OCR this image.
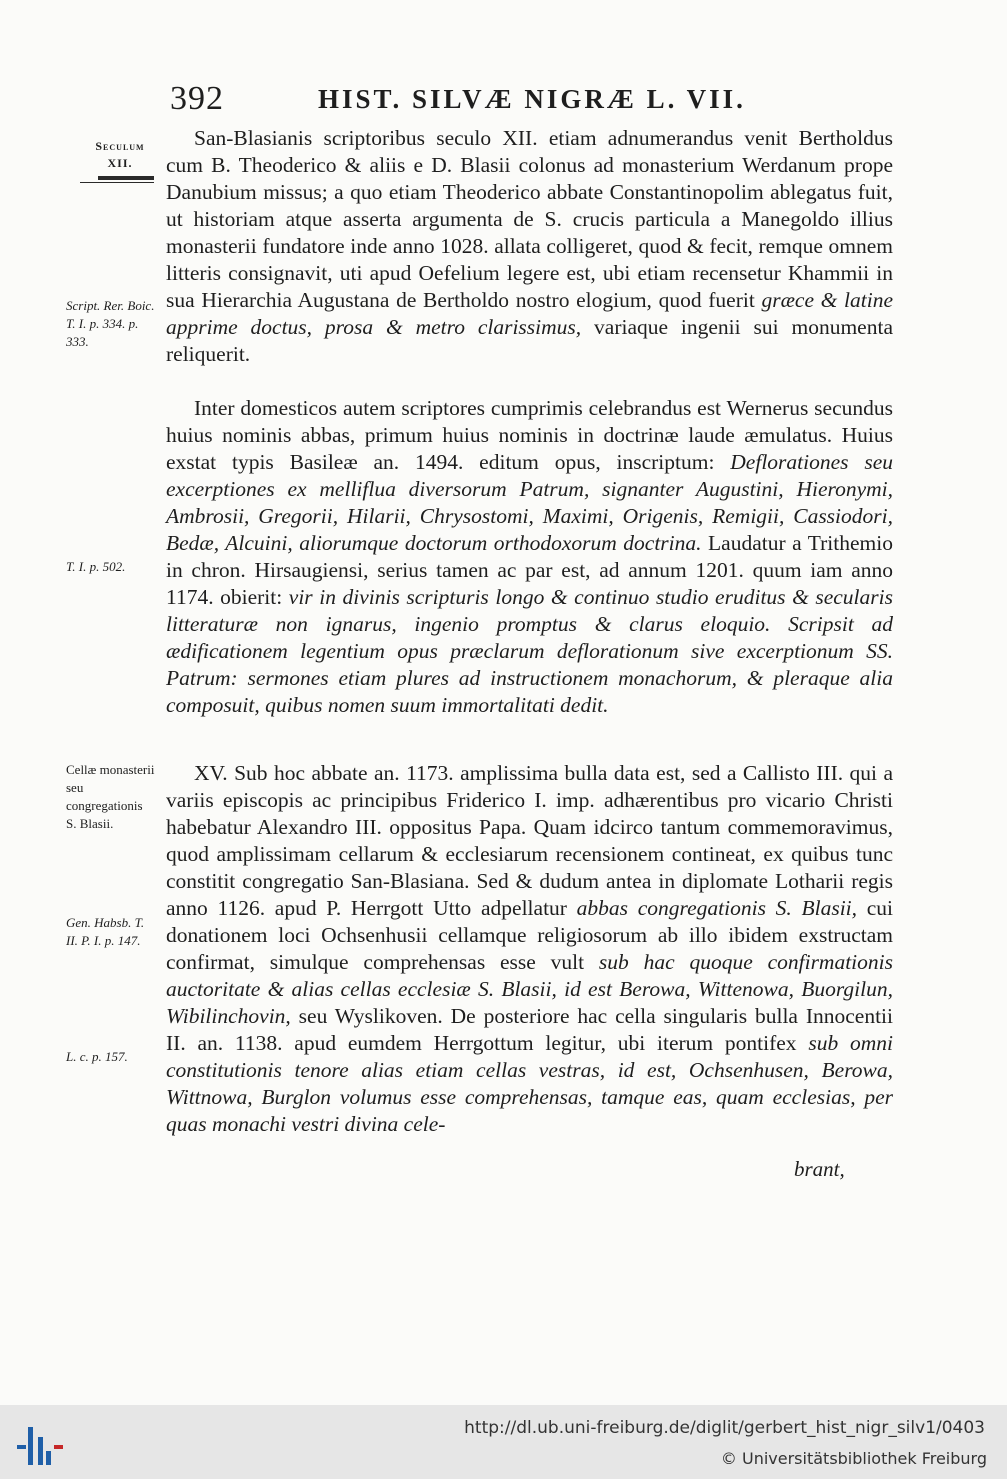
392	HIST. SILVÆ NIGRÆ L. VII.
Seculum
XII.
Script. Rer. Boic. T. I. p. 334. p. 333.
T. I. p. 502.
Cellæ monasterii seu congregationis S. Blasii.
Gen. Habsb. T. II. P. I. p. 147.
L. c. p. 157.

San-Blasianis scriptoribus seculo XII. etiam adnumerandus venit Bertholdus cum B. Theoderico & aliis e D. Blasii colonus ad monasterium Werdanum prope Danubium missus; a quo etiam Theoderico abbate Constantinopolim ablegatus fuit, ut historiam atque asserta argumenta de S. crucis particula a Manegoldo illius monasterii fundatore inde anno 1028. allata colligeret, quod & fecit, remque omnem litteris consignavit, uti apud Oefelium legere est, ubi etiam recensetur Khammii in sua Hierarchia Augustana de Bertholdo nostro elogium, quod fuerit græce & latine apprime doctus, prosa & metro clarissimus, variaque ingenii sui monumenta reliquerit.

Inter domesticos autem scriptores cumprimis celebrandus est Wernerus secundus huius nominis abbas, primum huius nominis in doctrinæ laude æmulatus. Huius exstat typis Basileæ an. 1494. editum opus, inscriptum: Deflorationes seu excerptiones ex melliflua diversorum Patrum, signanter Augustini, Hieronymi, Ambrosii, Gregorii, Hilarii, Chrysostomi, Maximi, Origenis, Remigii, Cassiodori, Bedæ, Alcuini, aliorumque doctorum orthodoxorum doctrina. Laudatur a Trithemio in chron. Hirsaugiensi, serius tamen ac par est, ad annum 1201. quum iam anno 1174. obierit: vir in divinis scripturis longo & continuo studio eruditus & secularis litteraturæ non ignarus, ingenio promptus & clarus eloquio. Scripsit ad ædificationem legentium opus præclarum deflorationum sive excerptionum SS. Patrum: sermones etiam plures ad instructionem monachorum, & pleraque alia composuit, quibus nomen suum immortalitati dedit.

XV. Sub hoc abbate an. 1173. amplissima bulla data est, sed a Callisto III. qui a variis episcopis ac principibus Friderico I. imp. adhærentibus pro vicario Christi habebatur Alexandro III. oppositus Papa. Quam idcirco tantum commemoravimus, quod amplissimam cellarum & ecclesiarum recensionem contineat, ex quibus tunc constitit congregatio San-Blasiana. Sed & dudum antea in diplomate Lotharii regis anno 1126. apud P. Herrgott Utto adpellatur abbas congregationis S. Blasii, cui donationem loci Ochsenhusii cellamque religiosorum ab illo ibidem exstructam confirmat, simulque comprehensas esse vult sub hac quoque confirmationis auctoritate & alias cellas ecclesiæ S. Blasii, id est Berowa, Wittenowa, Buorgilun, Wibilinchovin, seu Wyslikoven. De posteriore hac cella singularis bulla Innocentii II. an. 1138. apud eumdem Herrgottum legitur, ubi iterum pontifex sub omni constitutionis tenore alias etiam cellas vestras, id est, Ochsenhusen, Berowa, Wittnowa, Burglon volumus esse comprehensas, tamque eas, quam ecclesias, per quas monachi vestri divina cele-

brant,
http://dl.ub.uni-freiburg.de/diglit/gerbert_hist_nigr_silv1/0403
© Universitätsbibliothek Freiburg
